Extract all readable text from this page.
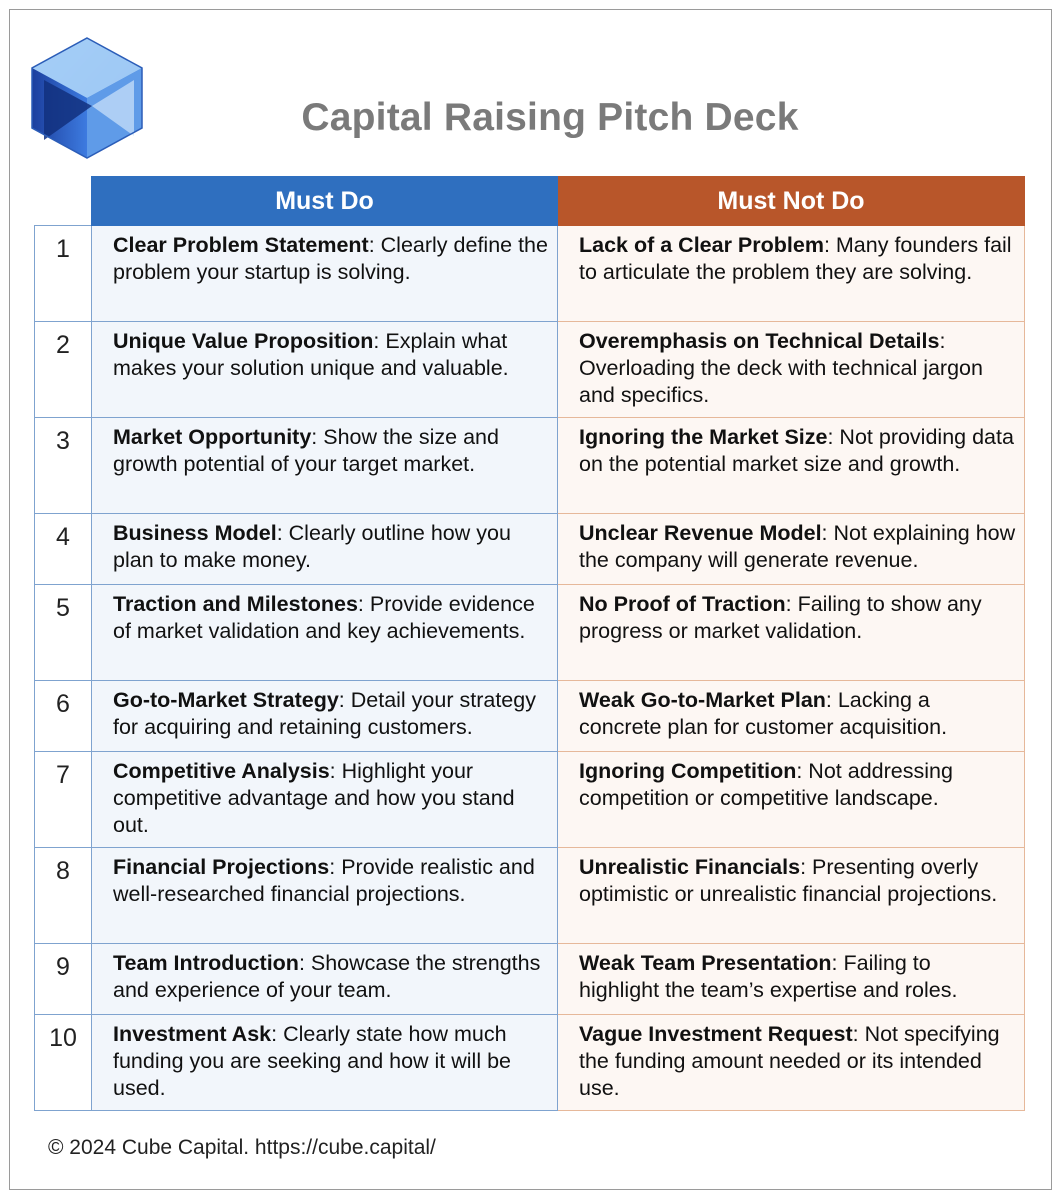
Capital Raising Pitch Deck
	Must Do	Must Not Do
1	Clear Problem Statement: Clearly define the problem your startup is solving.	Lack of a Clear Problem: Many founders fail to articulate the problem they are solving.
2	Unique Value Proposition: Explain what makes your solution unique and valuable.	Overemphasis on Technical Details: Overloading the deck with technical jargon and specifics.
3	Market Opportunity: Show the size and growth potential of your target market.	Ignoring the Market Size: Not providing data on the potential market size and growth.
4	Business Model: Clearly outline how you plan to make money.	Unclear Revenue Model: Not explaining how the company will generate revenue.
5	Traction and Milestones: Provide evidence of market validation and key achievements.	No Proof of Traction: Failing to show any progress or market validation.
6	Go-to-Market Strategy: Detail your strategy for acquiring and retaining customers.	Weak Go-to-Market Plan: Lacking a concrete plan for customer acquisition.
7	Competitive Analysis: Highlight your competitive advantage and how you stand out.	Ignoring Competition: Not addressing competition or competitive landscape.
8	Financial Projections: Provide realistic and well-researched financial projections.	Unrealistic Financials: Presenting overly optimistic or unrealistic financial projections.
9	Team Introduction: Showcase the strengths and experience of your team.	Weak Team Presentation: Failing to highlight the team’s expertise and roles.
10	Investment Ask: Clearly state how much funding you are seeking and how it will be used.	Vague Investment Request: Not specifying the funding amount needed or its intended use.
© 2024 Cube Capital. https://cube.capital/
